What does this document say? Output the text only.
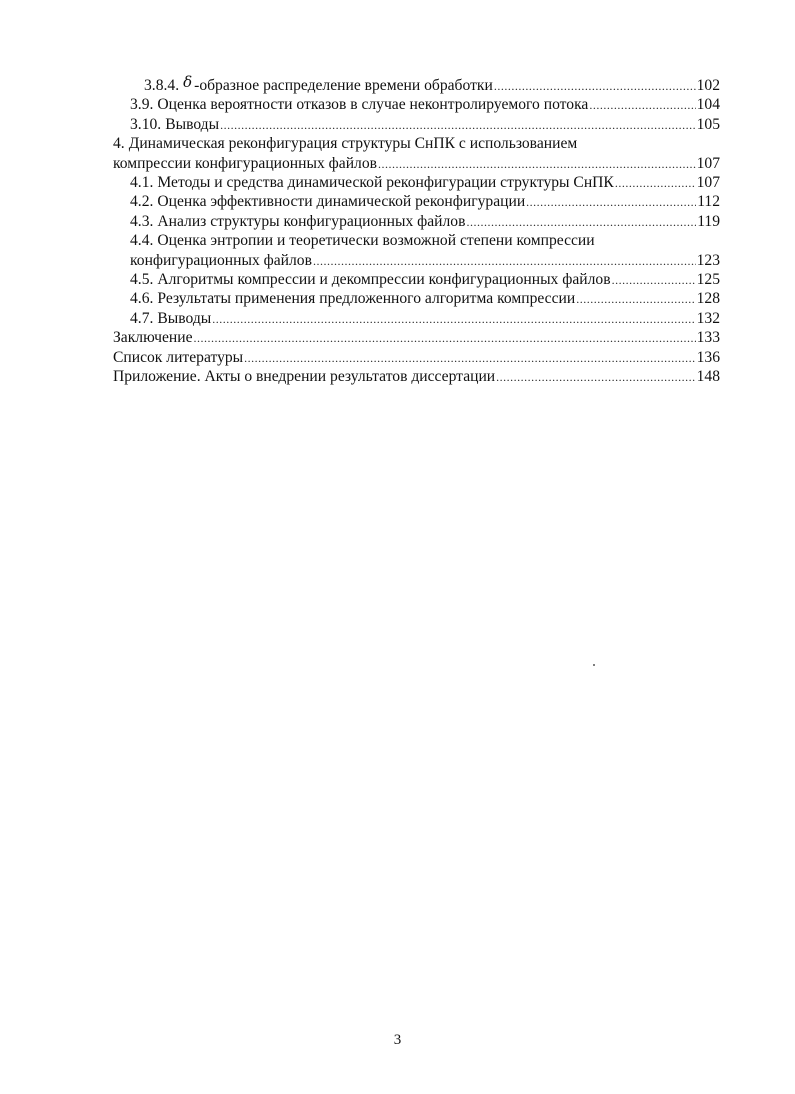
3.8.4. δ -образное распределение времени обработки .....	102
3.9. Оценка вероятности отказов в случае неконтролируемого потока .....	104
3.10. Выводы .....	105
4. Динамическая реконфигурация структуры СнПК с использованием
компрессии конфигурационных файлов .....	107
4.1. Методы и средства динамической реконфигурации структуры СнПК .....	107
4.2. Оценка эффективности динамической реконфигурации .....	112
4.3. Анализ структуры конфигурационных файлов .....	119
4.4. Оценка энтропии и теоретически возможной степени компрессии
конфигурационных файлов .....	123
4.5. Алгоритмы компрессии и декомпрессии конфигурационных файлов .....	125
4.6. Результаты применения предложенного алгоритма компрессии .....	128
4.7. Выводы .....	132
Заключение .....	133
Список литературы .....	136
Приложение. Акты о внедрении результатов диссертации .....	148
3
